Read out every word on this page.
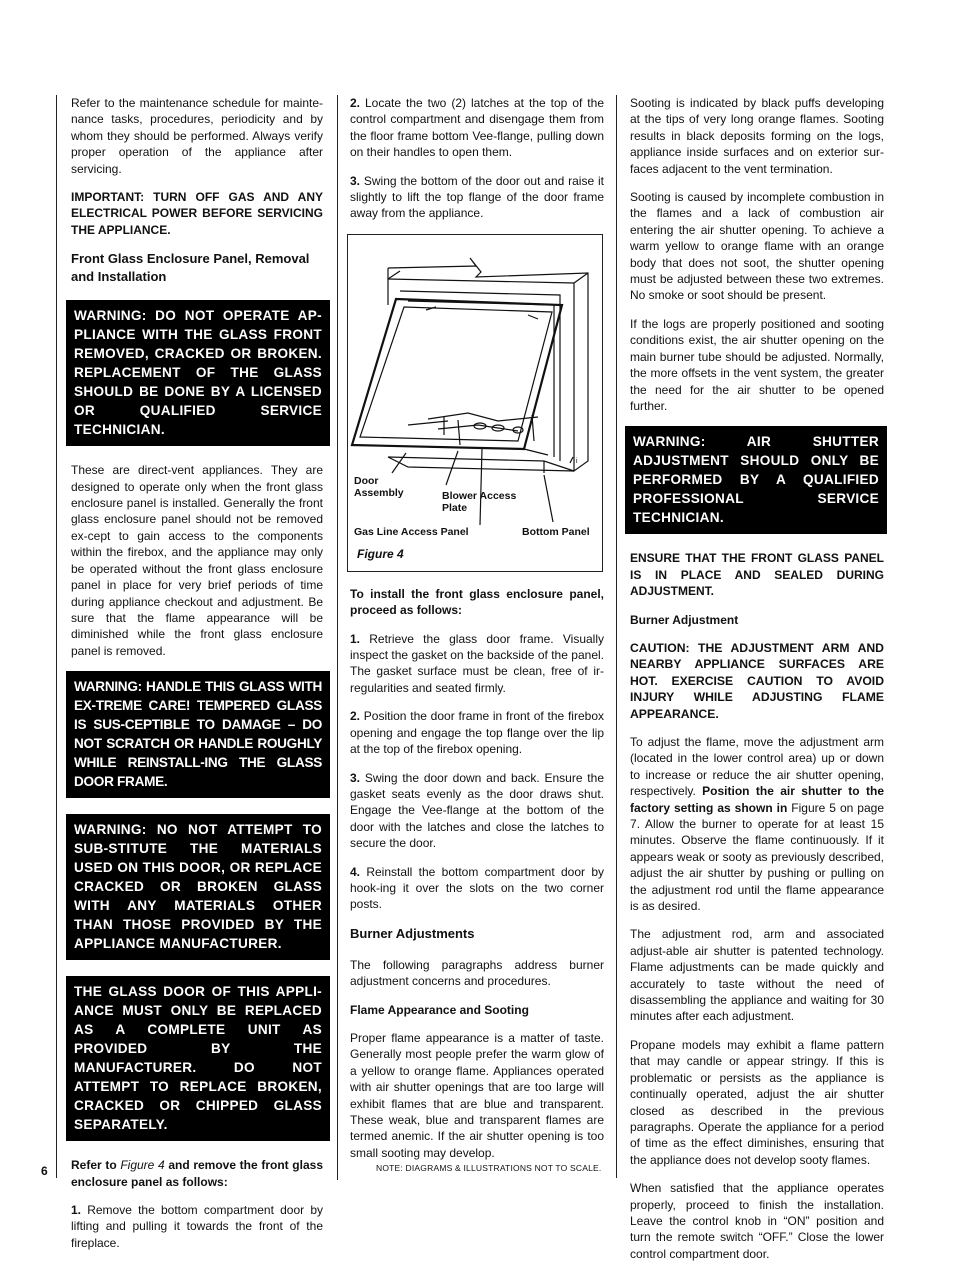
Refer to the maintenance schedule for mainte-nance tasks, procedures, periodicity and by whom they should be performed. Always verify proper operation of the appliance after servicing.

IMPORTANT: TURN OFF GAS AND ANY ELECTRICAL POWER BEFORE SERVICING THE APPLIANCE.

Front Glass Enclosure Panel, Removal and Installation
WARNING: DO NOT OPERATE AP-PLIANCE WITH THE GLASS FRONT REMOVED, CRACKED OR BROKEN. REPLACEMENT OF THE GLASS SHOULD BE DONE BY A LICENSED OR QUALIFIED SERVICE TECHNICIAN.

These are direct-vent appliances. They are designed to operate only when the front glass enclosure panel is installed. Generally the front glass enclosure panel should not be removed ex-cept to gain access to the components within the firebox, and the appliance may only be operated without the front glass enclosure panel in place for very brief periods of time during appliance checkout and adjustment. Be sure that the flame appearance will be diminished while the front glass enclosure panel is removed.

WARNING: HANDLE THIS GLASS WITH EX-TREME CARE! TEMPERED GLASS IS SUS-CEPTIBLE TO DAMAGE – DO NOT SCRATCH OR HANDLE ROUGHLY WHILE REINSTALL-ING THE GLASS DOOR FRAME.
WARNING: NO NOT ATTEMPT TO SUB-STITUTE THE MATERIALS USED ON THIS DOOR, OR REPLACE CRACKED OR BROKEN GLASS WITH ANY MATERIALS OTHER THAN THOSE PROVIDED BY THE APPLIANCE MANUFACTURER.
THE GLASS DOOR OF THIS APPLI-ANCE MUST ONLY BE REPLACED AS A COMPLETE UNIT AS PROVIDED BY THE MANUFACTURER. DO NOT ATTEMPT TO REPLACE BROKEN, CRACKED OR CHIPPED GLASS SEPARATELY.

Refer to Figure 4 and remove the front glass enclosure panel as follows:

1. Remove the bottom compartment door by lifting and pulling it towards the front of the fireplace.

2. Locate the two (2) latches at the top of the control compartment and disengage them from the floor frame bottom Vee-flange, pulling down on their handles to open them.

3. Swing the bottom of the door out and raise it slightly to lift the top flange of the door frame away from the appliance.

i
Door
Assembly	Blower Access
Plate
Gas Line Access Panel	Bottom Panel
Figure 4

To install the front glass enclosure panel, proceed as follows:

1. Retrieve the glass door frame. Visually inspect the gasket on the backside of the panel. The gasket surface must be clean, free of ir-regularities and seated firmly.

2. Position the door frame in front of the firebox opening and engage the top flange over the lip at the top of the firebox opening.

3. Swing the door down and back. Ensure the gasket seats evenly as the door draws shut. Engage the Vee-flange at the bottom of the door with the latches and close the latches to secure the door.

4. Reinstall the bottom compartment door by hook-ing it over the slots on the two corner posts.

Burner Adjustments

The following paragraphs address burner adjustment concerns and procedures.

Flame Appearance and Sooting

Proper flame appearance is a matter of taste. Generally most people prefer the warm glow of a yellow to orange flame. Appliances operated with air shutter openings that are too large will exhibit flames that are blue and transparent. These weak, blue and transparent flames are termed anemic. If the air shutter opening is too small sooting may develop.

Sooting is indicated by black puffs developing at the tips of very long orange flames. Sooting results in black deposits forming on the logs, appliance inside surfaces and on exterior sur-faces adjacent to the vent termination.

Sooting is caused by incomplete combustion in the flames and a lack of combustion air entering the air shutter opening. To achieve a warm yellow to orange flame with an orange body that does not soot, the shutter opening must be adjusted between these two extremes. No smoke or soot should be present.

If the logs are properly positioned and sooting conditions exist, the air shutter opening on the main burner tube should be adjusted. Normally, the more offsets in the vent system, the greater the need for the air shutter to be opened further.

WARNING: AIR SHUTTER ADJUSTMENT SHOULD ONLY BE PERFORMED BY A QUALIFIED PROFESSIONAL SERVICE TECHNICIAN.

ENSURE THAT THE FRONT GLASS PANEL IS IN PLACE AND SEALED DURING ADJUSTMENT.

Burner Adjustment

CAUTION: THE ADJUSTMENT ARM AND NEARBY APPLIANCE SURFACES ARE HOT. EXERCISE CAUTION TO AVOID INJURY WHILE ADJUSTING FLAME APPEARANCE.

To adjust the flame, move the adjustment arm (located in the lower control area) up or down to increase or reduce the air shutter opening, respectively. Position the air shutter to the factory setting as shown in Figure 5 on page 7. Allow the burner to operate for at least 15 minutes. Observe the flame continuously. If it appears weak or sooty as previously described, adjust the air shutter by pushing or pulling on the adjustment rod until the flame appearance is as desired.

The adjustment rod, arm and associated adjust-able air shutter is patented technology. Flame adjustments can be made quickly and accurately to taste without the need of disassembling the appliance and waiting for 30 minutes after each adjustment.

Propane models may exhibit a flame pattern that may candle or appear stringy. If this is problematic or persists as the appliance is continually operated, adjust the air shutter closed as described in the previous paragraphs. Operate the appliance for a period of time as the effect diminishes, ensuring that the appliance does not develop sooty flames.

When satisfied that the appliance operates properly, proceed to finish the installation. Leave the control knob in “ON” position and turn the remote switch “OFF.” Close the lower control compartment door.

6	NOTE: DIAGRAMS & ILLUSTRATIONS NOT TO SCALE.
